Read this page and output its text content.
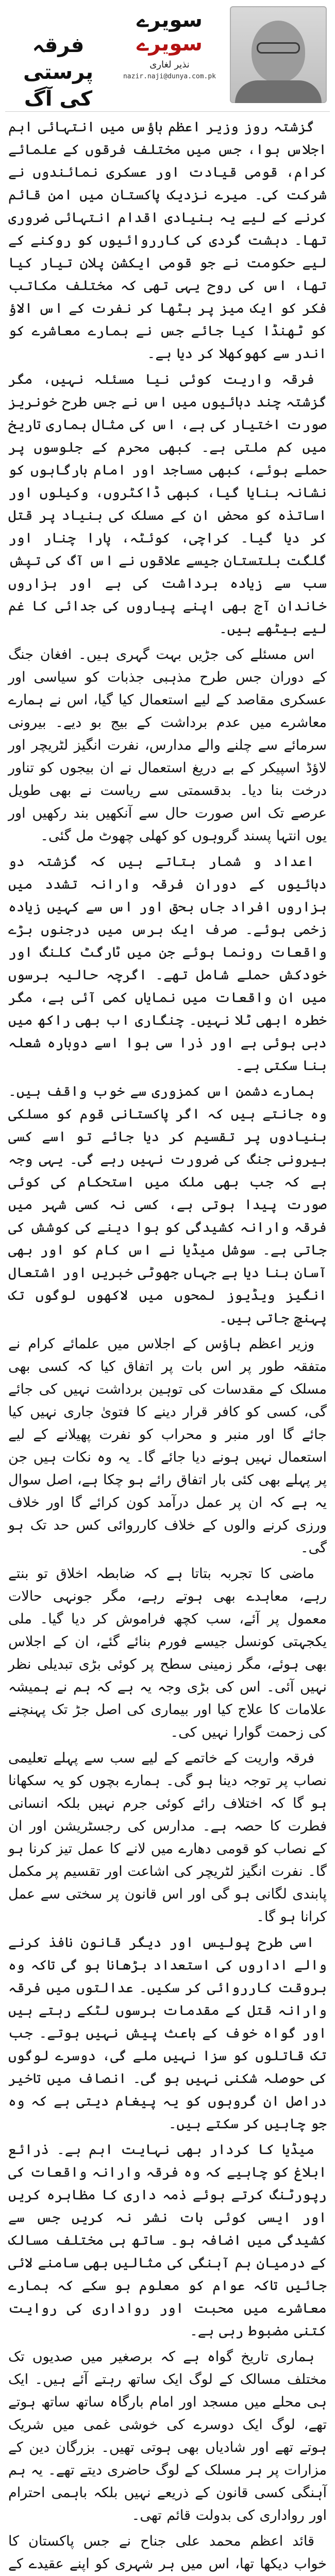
سویرے
سویرے
نذیر لغاری
nazir.naji@dunya.com.pk
فرقہ پرستی کی آگ

گزشتہ روز وزیر اعظم ہاؤس میں انتہائی اہم اجلاس ہوا، جس میں مختلف فرقوں کے علمائے کرام، قومی قیادت اور عسکری نمائندوں نے شرکت کی۔ میرے نزدیک پاکستان میں امن قائم کرنے کے لیے یہ بنیادی اقدام انتہائی ضروری تھا۔ دہشت گردی کی کارروائیوں کو روکنے کے لیے حکومت نے جو قومی ایکشن پلان تیار کیا تھا، اس کی روح یہی تھی کہ مختلف مکاتب فکر کو ایک میز پر بٹھا کر نفرت کے اس الاؤ کو ٹھنڈا کیا جائے جس نے ہمارے معاشرے کو اندر سے کھوکھلا کر دیا ہے۔

فرقہ واریت کوئی نیا مسئلہ نہیں، مگر گزشتہ چند دہائیوں میں اس نے جس طرح خونریز صورت اختیار کی ہے، اس کی مثال ہماری تاریخ میں کم ملتی ہے۔ کبھی محرم کے جلوسوں پر حملے ہوئے، کبھی مساجد اور امام بارگاہوں کو نشانہ بنایا گیا، کبھی ڈاکٹروں، وکیلوں اور اساتذہ کو محض ان کے مسلک کی بنیاد پر قتل کر دیا گیا۔ کراچی، کوئٹہ، پارا چنار اور گلگت بلتستان جیسے علاقوں نے اس آگ کی تپش سب سے زیادہ برداشت کی ہے اور ہزاروں خاندان آج بھی اپنے پیاروں کی جدائی کا غم لیے بیٹھے ہیں۔

اس مسئلے کی جڑیں بہت گہری ہیں۔ افغان جنگ کے دوران جس طرح مذہبی جذبات کو سیاسی اور عسکری مقاصد کے لیے استعمال کیا گیا، اس نے ہمارے معاشرے میں عدم برداشت کے بیج بو دیے۔ بیرونی سرمائے سے چلنے والے مدارس، نفرت انگیز لٹریچر اور لاؤڈ اسپیکر کے بے دریغ استعمال نے ان بیجوں کو تناور درخت بنا دیا۔ بدقسمتی سے ریاست نے بھی طویل عرصے تک اس صورت حال سے آنکھیں بند رکھیں اور یوں انتہا پسند گروہوں کو کھلی چھوٹ مل گئی۔

اعداد و شمار بتاتے ہیں کہ گزشتہ دو دہائیوں کے دوران فرقہ وارانہ تشدد میں ہزاروں افراد جاں بحق اور اس سے کہیں زیادہ زخمی ہوئے۔ صرف ایک برس میں درجنوں بڑے واقعات رونما ہوئے جن میں ٹارگٹ کلنگ اور خودکش حملے شامل تھے۔ اگرچہ حالیہ برسوں میں ان واقعات میں نمایاں کمی آئی ہے، مگر خطرہ ابھی ٹلا نہیں۔ چنگاری اب بھی راکھ میں دبی ہوئی ہے اور ذرا سی ہوا اسے دوبارہ شعلہ بنا سکتی ہے۔

ہمارے دشمن اس کمزوری سے خوب واقف ہیں۔ وہ جانتے ہیں کہ اگر پاکستانی قوم کو مسلکی بنیادوں پر تقسیم کر دیا جائے تو اسے کسی بیرونی جنگ کی ضرورت نہیں رہے گی۔ یہی وجہ ہے کہ جب بھی ملک میں استحکام کی کوئی صورت پیدا ہوتی ہے، کسی نہ کسی شہر میں فرقہ وارانہ کشیدگی کو ہوا دینے کی کوشش کی جاتی ہے۔ سوشل میڈیا نے اس کام کو اور بھی آسان بنا دیا ہے جہاں جھوٹی خبریں اور اشتعال انگیز ویڈیوز لمحوں میں لاکھوں لوگوں تک پہنچ جاتی ہیں۔

وزیر اعظم ہاؤس کے اجلاس میں علمائے کرام نے متفقہ طور پر اس بات پر اتفاق کیا کہ کسی بھی مسلک کے مقدسات کی توہین برداشت نہیں کی جائے گی، کسی کو کافر قرار دینے کا فتویٰ جاری نہیں کیا جائے گا اور منبر و محراب کو نفرت پھیلانے کے لیے استعمال نہیں ہونے دیا جائے گا۔ یہ وہ نکات ہیں جن پر پہلے بھی کئی بار اتفاق رائے ہو چکا ہے، اصل سوال یہ ہے کہ ان پر عمل درآمد کون کرائے گا اور خلاف ورزی کرنے والوں کے خلاف کارروائی کس حد تک ہو گی۔

ماضی کا تجربہ بتاتا ہے کہ ضابطہ اخلاق تو بنتے رہے، معاہدے بھی ہوتے رہے، مگر جونہی حالات معمول پر آئے، سب کچھ فراموش کر دیا گیا۔ ملی یکجہتی کونسل جیسے فورم بنائے گئے، ان کے اجلاس بھی ہوئے، مگر زمینی سطح پر کوئی بڑی تبدیلی نظر نہیں آئی۔ اس کی بڑی وجہ یہ ہے کہ ہم نے ہمیشہ علامات کا علاج کیا اور بیماری کی اصل جڑ تک پہنچنے کی زحمت گوارا نہیں کی۔

فرقہ واریت کے خاتمے کے لیے سب سے پہلے تعلیمی نصاب پر توجہ دینا ہو گی۔ ہمارے بچوں کو یہ سکھانا ہو گا کہ اختلاف رائے کوئی جرم نہیں بلکہ انسانی فطرت کا حصہ ہے۔ مدارس کی رجسٹریشن اور ان کے نصاب کو قومی دھارے میں لانے کا عمل تیز کرنا ہو گا۔ نفرت انگیز لٹریچر کی اشاعت اور تقسیم پر مکمل پابندی لگانی ہو گی اور اس قانون پر سختی سے عمل کرانا ہو گا۔

اسی طرح پولیس اور دیگر قانون نافذ کرنے والے اداروں کی استعداد بڑھانا ہو گی تاکہ وہ بروقت کارروائی کر سکیں۔ عدالتوں میں فرقہ وارانہ قتل کے مقدمات برسوں لٹکے رہتے ہیں اور گواہ خوف کے باعث پیش نہیں ہوتے۔ جب تک قاتلوں کو سزا نہیں ملے گی، دوسرے لوگوں کی حوصلہ شکنی نہیں ہو گی۔ انصاف میں تاخیر دراصل ان گروہوں کو یہ پیغام دیتی ہے کہ وہ جو چاہیں کر سکتے ہیں۔

میڈیا کا کردار بھی نہایت اہم ہے۔ ذرائع ابلاغ کو چاہیے کہ وہ فرقہ وارانہ واقعات کی رپورٹنگ کرتے ہوئے ذمہ داری کا مظاہرہ کریں اور ایسی کوئی بات نشر نہ کریں جس سے کشیدگی میں اضافہ ہو۔ ساتھ ہی مختلف مسالک کے درمیان ہم آہنگی کی مثالیں بھی سامنے لائی جائیں تاکہ عوام کو معلوم ہو سکے کہ ہمارے معاشرے میں محبت اور رواداری کی روایت کتنی مضبوط رہی ہے۔

ہماری تاریخ گواہ ہے کہ برصغیر میں صدیوں تک مختلف مسالک کے لوگ ایک ساتھ رہتے آئے ہیں۔ ایک ہی محلے میں مسجد اور امام بارگاہ ساتھ ساتھ ہوتے تھے، لوگ ایک دوسرے کی خوشی غمی میں شریک ہوتے تھے اور شادیاں بھی ہوتی تھیں۔ بزرگان دین کے مزارات پر ہر مسلک کے لوگ حاضری دیتے تھے۔ یہ ہم آہنگی کسی قانون کے ذریعے نہیں بلکہ باہمی احترام اور رواداری کی بدولت قائم تھی۔

قائد اعظم محمد علی جناح نے جس پاکستان کا خواب دیکھا تھا، اس میں ہر شہری کو اپنے عقیدے کے
